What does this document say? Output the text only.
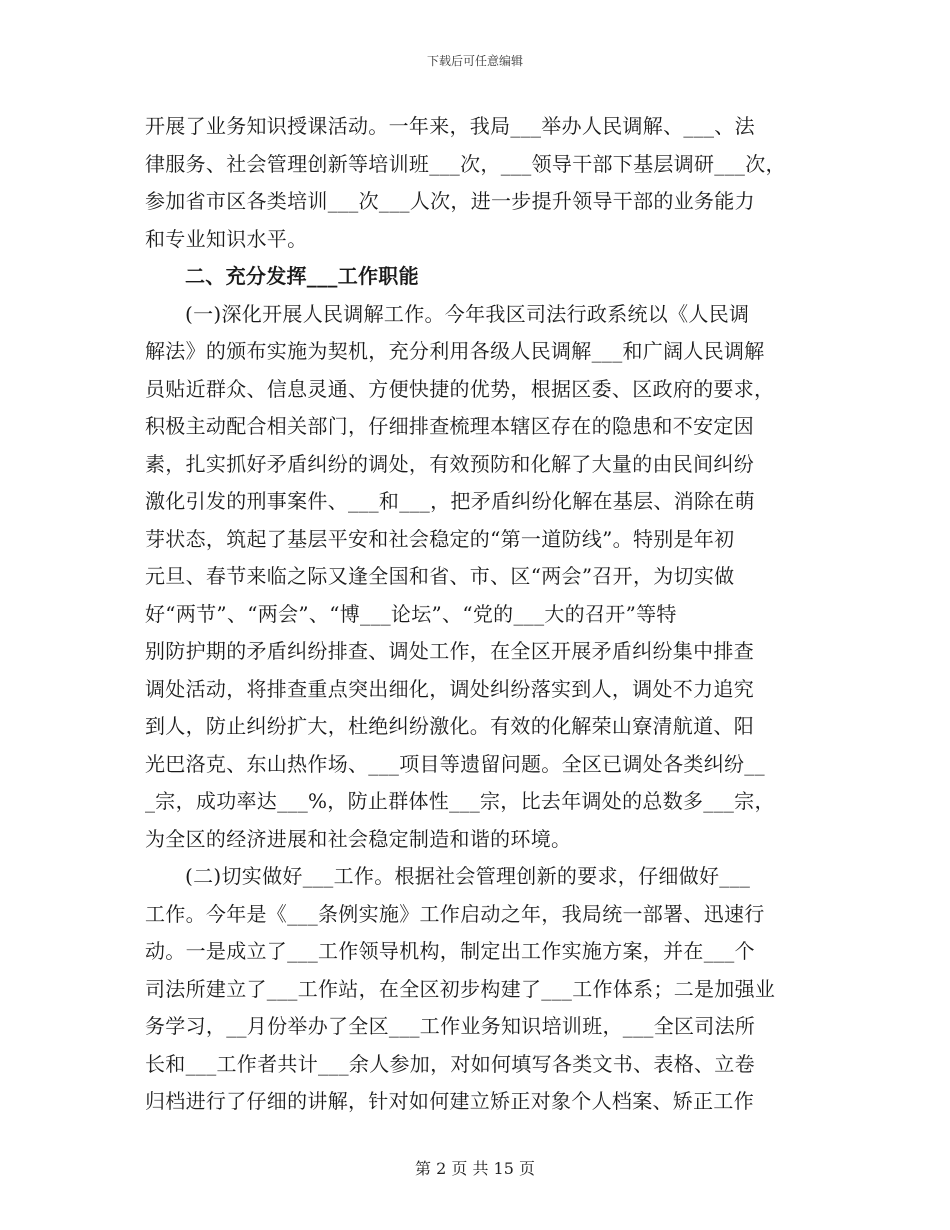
下载后可任意编辑
开展了业务知识授课活动。一年来，我局___举办人民调解、___、法
律服务、社会管理创新等培训班___次，___领导干部下基层调研___次，
参加省市区各类培训___次___人次，进一步提升领导干部的业务能力
和专业知识水平。
二、充分发挥___工作职能
(一)深化开展人民调解工作。今年我区司法行政系统以《人民调
解法》的颁布实施为契机，充分利用各级人民调解___和广阔人民调解
员贴近群众、信息灵通、方便快捷的优势，根据区委、区政府的要求，
积极主动配合相关部门，仔细排查梳理本辖区存在的隐患和不安定因
素，扎实抓好矛盾纠纷的调处，有效预防和化解了大量的由民间纠纷
激化引发的刑事案件、___和___，把矛盾纠纷化解在基层、消除在萌
芽状态，筑起了基层平安和社会稳定的“第一道防线”。特别是年初
元旦、春节来临之际又逢全国和省、市、区“两会”召开，为切实做
好“两节”、“两会”、“博___论坛”、“党的___大的召开”等特
别防护期的矛盾纠纷排查、调处工作，在全区开展矛盾纠纷集中排查
调处活动，将排查重点突出细化，调处纠纷落实到人，调处不力追究
到人，防止纠纷扩大，杜绝纠纷激化。有效的化解荣山寮清航道、阳
光巴洛克、东山热作场、___项目等遗留问题。全区已调处各类纠纷__
_宗，成功率达___%，防止群体性___宗，比去年调处的总数多___宗，
为全区的经济进展和社会稳定制造和谐的环境。
(二)切实做好___工作。根据社会管理创新的要求，仔细做好___
工作。今年是《___条例实施》工作启动之年，我局统一部署、迅速行
动。一是成立了___工作领导机构，制定出工作实施方案，并在___个
司法所建立了___工作站，在全区初步构建了___工作体系；二是加强业
务学习，__月份举办了全区___工作业务知识培训班，___全区司法所
长和___工作者共计___余人参加，对如何填写各类文书、表格、立卷
归档进行了仔细的讲解，针对如何建立矫正对象个人档案、矫正工作
第 2 页 共 15 页
